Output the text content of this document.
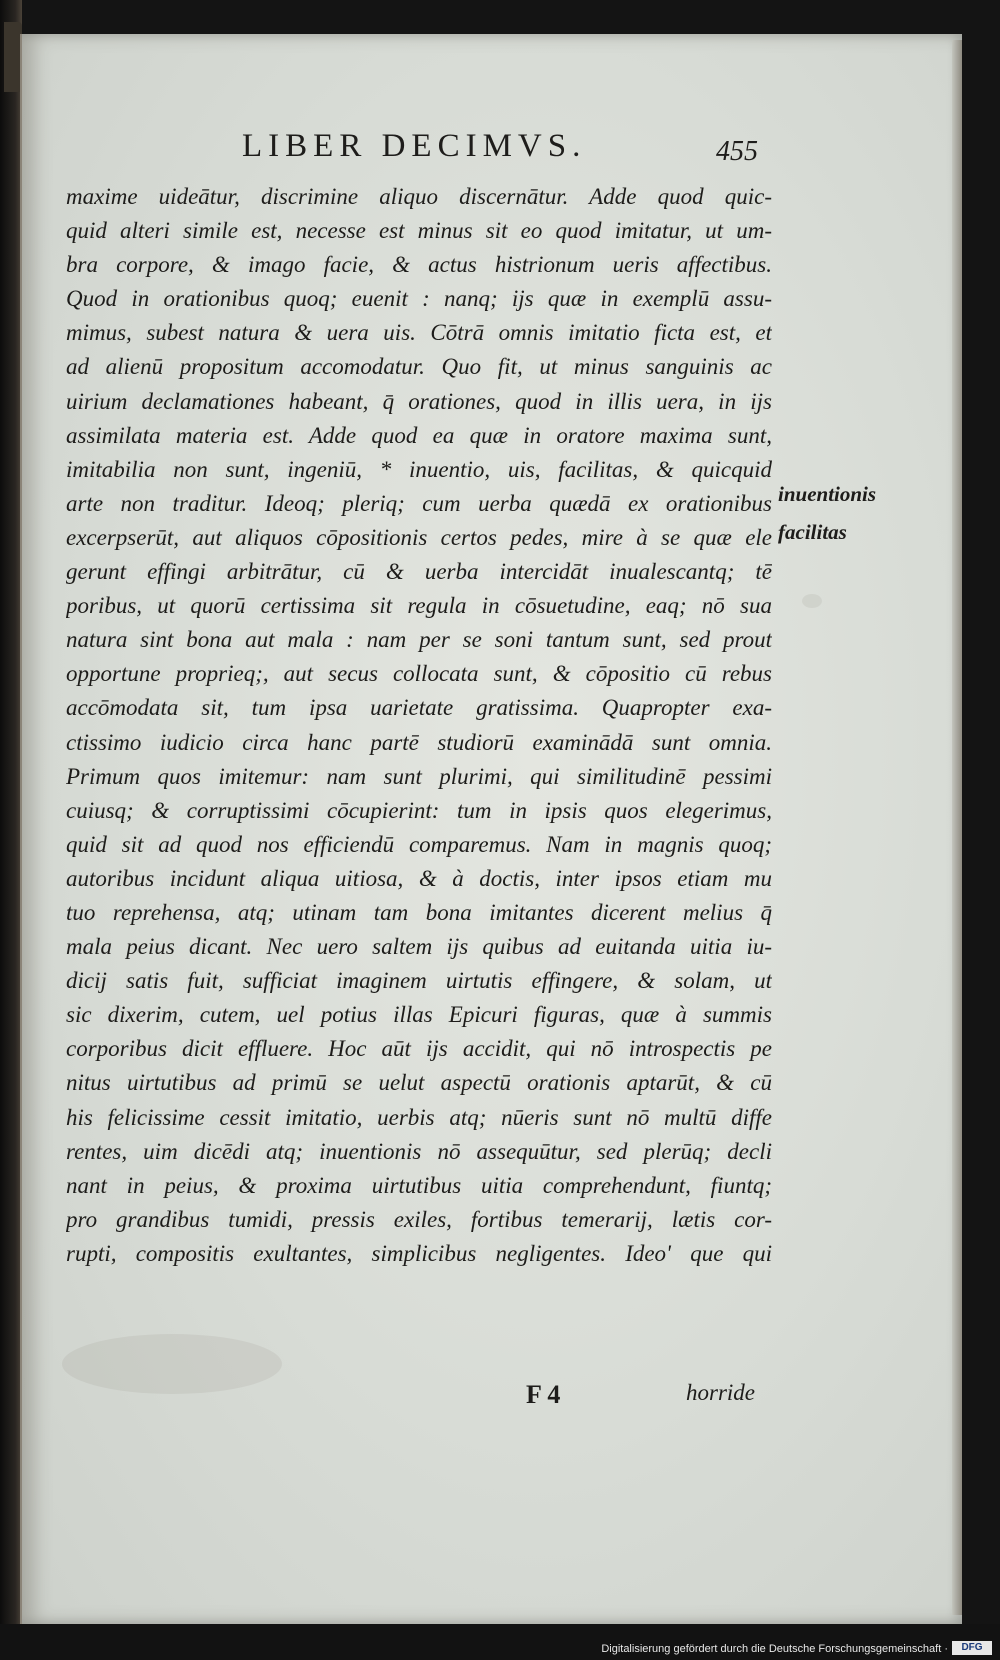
LIBER DECIMVS.	455
maxime uideātur, discrimine aliquo discernātur. Adde quod quic-
quid alteri simile est, necesse est minus sit eo quod imitatur, ut um-
bra corpore, & imago facie, & actus histrionum ueris affectibus.
Quod in orationibus quoq; euenit : nanq; ijs quæ in exemplū assu-
mimus, subest natura & uera uis. Cōtrā omnis imitatio ficta est, et
ad alienū propositum accomodatur. Quo fit, ut minus sanguinis ac
uirium declamationes habeant, q̄ orationes, quod in illis uera, in ijs
assimilata materia est. Adde quod ea quæ in oratore maxima sunt,
imitabilia non sunt, ingeniū, * inuentio, uis, facilitas, & quicquid
arte non traditur. Ideoq; pleriq; cum uerba quædā ex orationibus
excerpserūt, aut aliquos cōpositionis certos pedes, mire à se quæ ele
gerunt effingi arbitrātur, cū & uerba intercidāt inualescantq; tē
poribus, ut quorū certissima sit regula in cōsuetudine, eaq; nō sua
natura sint bona aut mala : nam per se soni tantum sunt, sed prout
opportune proprieq;, aut secus collocata sunt, & cōpositio cū rebus
accōmodata sit, tum ipsa uarietate gratissima. Quapropter exa-
ctissimo iudicio circa hanc partē studiorū examinādā sunt omnia.
Primum quos imitemur: nam sunt plurimi, qui similitudinē pessimi
cuiusq; & corruptissimi cōcupierint: tum in ipsis quos elegerimus,
quid sit ad quod nos efficiendū comparemus. Nam in magnis quoq;
autoribus incidunt aliqua uitiosa, & à doctis, inter ipsos etiam mu
tuo reprehensa, atq; utinam tam bona imitantes dicerent melius q̄
mala peius dicant. Nec uero saltem ijs quibus ad euitanda uitia iu-
dicij satis fuit, sufficiat imaginem uirtutis effingere, & solam, ut
sic dixerim, cutem, uel potius illas Epicuri figuras, quæ à summis
corporibus dicit effluere. Hoc aūt ijs accidit, qui nō introspectis pe
nitus uirtutibus ad primū se uelut aspectū orationis aptarūt, & cū
his felicissime cessit imitatio, uerbis atq; nūeris sunt nō multū diffe
rentes, uim dicēdi atq; inuentionis nō assequūtur, sed plerūq; decli
nant in peius, & proxima uirtutibus uitia comprehendunt, fiuntq;
pro grandibus tumidi, pressis exiles, fortibus temerarij, lætis cor-
rupti, compositis exultantes, simplicibus negligentes. Ideo' que qui
inuentionis
facilitas
F 4	horride
Digitalisierung gefördert durch die Deutsche Forschungsgemeinschaft ·	DFG
